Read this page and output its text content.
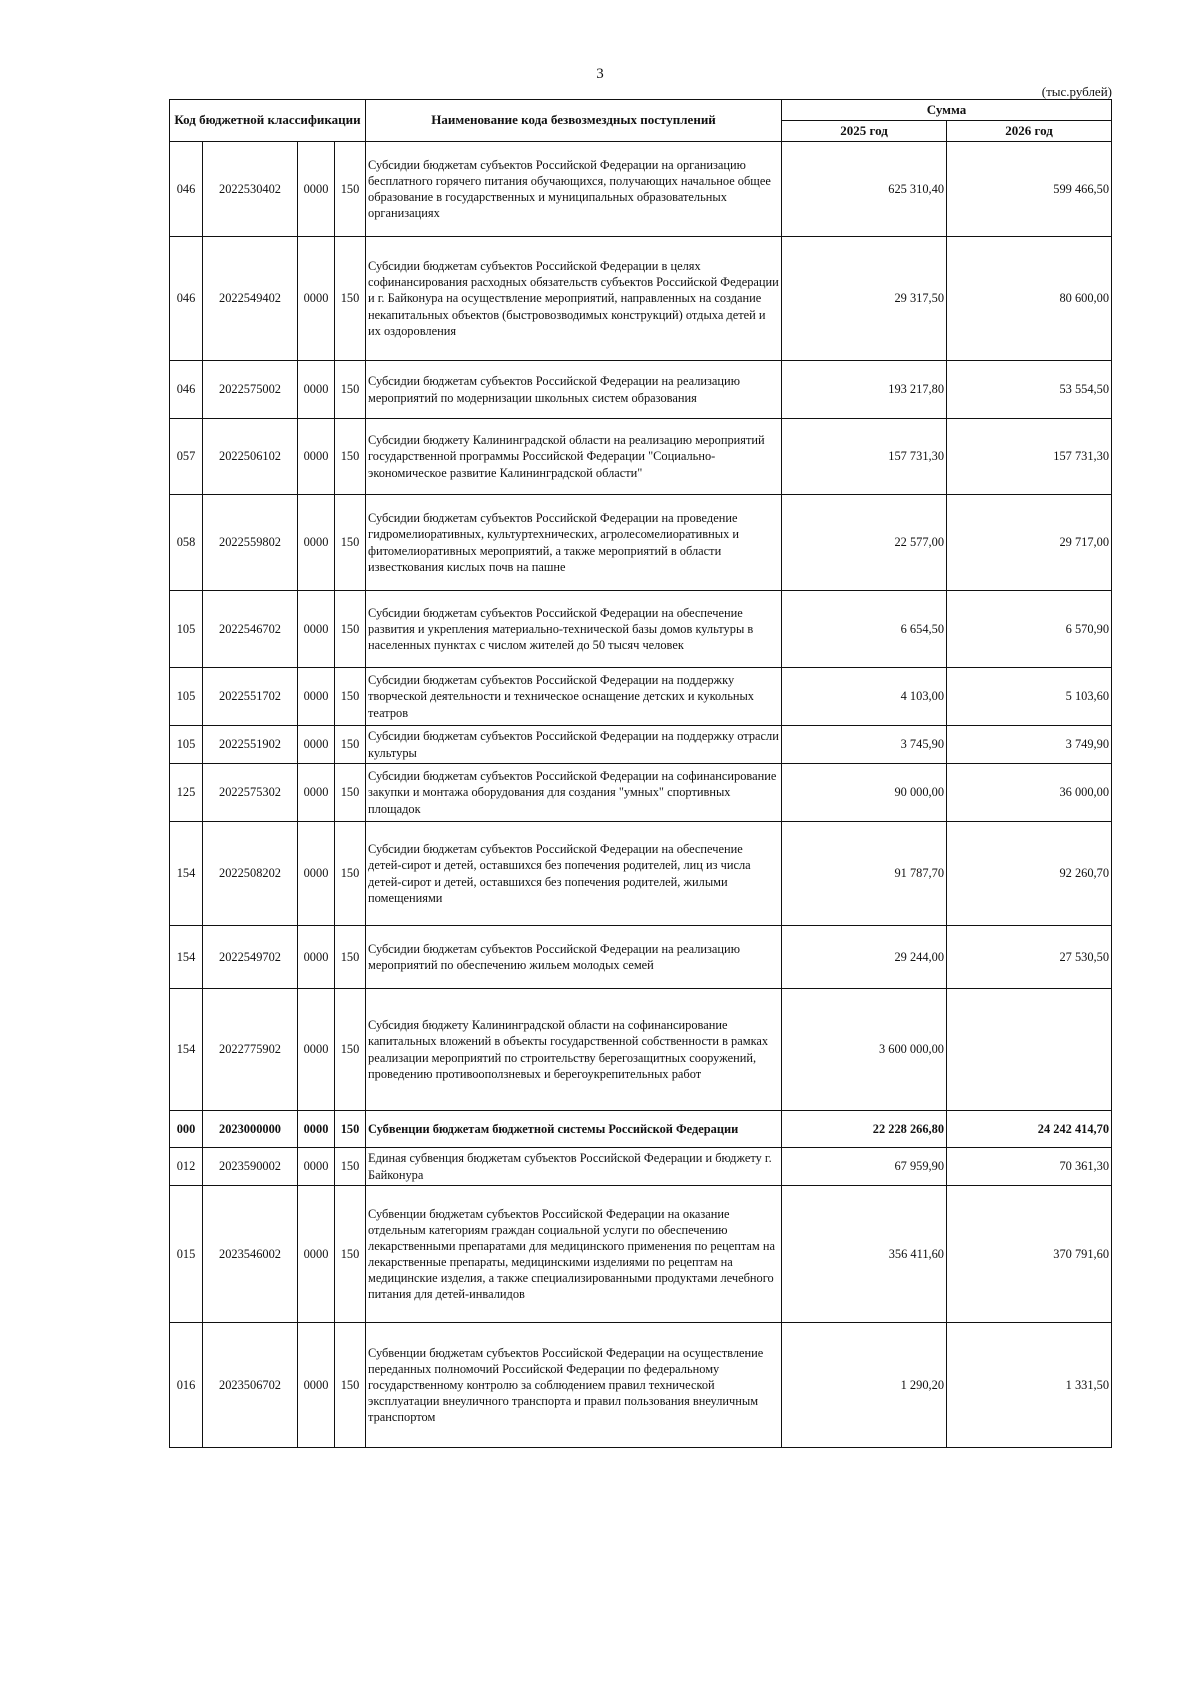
3
(тыс.рублей)
Код бюджетной классификации				Наименование кода безвозмездных поступлений	Сумма	
					2025 год	2026 год
046	2022530402	0000	150	Субсидии бюджетам субъектов Российской Федерации на организацию бесплатного горячего питания обучающихся, получающих начальное общее образование в государственных и муниципальных образовательных организациях	625 310,40	599 466,50
046	2022549402	0000	150	Субсидии бюджетам субъектов Российской Федерации в целях софинансирования расходных обязательств субъектов Российской Федерации и г. Байконура на осуществление мероприятий, направленных на создание некапитальных объектов (быстровозводимых конструкций) отдыха детей и их оздоровления	29 317,50	80 600,00
046	2022575002	0000	150	Субсидии бюджетам субъектов Российской Федерации на реализацию мероприятий по модернизации школьных систем образования	193 217,80	53 554,50
057	2022506102	0000	150	Субсидии бюджету Калининградской области на реализацию мероприятий государственной программы Российской Федерации "Социально-экономическое развитие Калининградской области"	157 731,30	157 731,30
058	2022559802	0000	150	Субсидии бюджетам субъектов Российской Федерации на проведение гидромелиоративных, культуртехнических, агролесомелиоративных и фитомелиоративных мероприятий, а также мероприятий в области известкования кислых почв на пашне	22 577,00	29 717,00
105	2022546702	0000	150	Субсидии бюджетам субъектов Российской Федерации на обеспечение развития и укрепления материально-технической базы домов культуры в населенных пунктах с числом жителей до 50 тысяч человек	6 654,50	6 570,90
105	2022551702	0000	150	Субсидии бюджетам субъектов Российской Федерации на поддержку творческой деятельности и техническое оснащение детских и кукольных театров	4 103,00	5 103,60
105	2022551902	0000	150	Субсидии бюджетам субъектов Российской Федерации на поддержку отрасли культуры	3 745,90	3 749,90
125	2022575302	0000	150	Субсидии бюджетам субъектов Российской Федерации на софинансирование закупки и монтажа оборудования для создания "умных" спортивных площадок	90 000,00	36 000,00
154	2022508202	0000	150	Субсидии бюджетам субъектов Российской Федерации на обеспечение детей-сирот и детей, оставшихся без попечения родителей, лиц из числа детей-сирот и детей, оставшихся без попечения родителей, жилыми помещениями	91 787,70	92 260,70
154	2022549702	0000	150	Субсидии бюджетам субъектов Российской Федерации на реализацию мероприятий по обеспечению жильем молодых семей	29 244,00	27 530,50
154	2022775902	0000	150	Субсидия бюджету Калининградской области на софинансирование капитальных вложений в объекты государственной собственности в рамках реализации мероприятий по строительству берегозащитных сооружений, проведению противооползневых и берегоукрепительных работ	3 600 000,00	
000	2023000000	0000	150	Субвенции бюджетам бюджетной системы Российской Федерации	22 228 266,80	24 242 414,70
012	2023590002	0000	150	Единая субвенция бюджетам субъектов Российской Федерации и бюджету г. Байконура	67 959,90	70 361,30
015	2023546002	0000	150	Субвенции бюджетам субъектов Российской Федерации на оказание отдельным категориям граждан социальной услуги по обеспечению лекарственными препаратами для медицинского применения по рецептам на лекарственные препараты, медицинскими изделиями по рецептам на медицинские изделия, а также специализированными продуктами лечебного питания для детей-инвалидов	356 411,60	370 791,60
016	2023506702	0000	150	Субвенции бюджетам субъектов Российской Федерации на осуществление переданных полномочий Российской Федерации по федеральному государственному контролю за соблюдением правил технической эксплуатации внеуличного транспорта и правил пользования внеуличным транспортом	1 290,20	1 331,50
